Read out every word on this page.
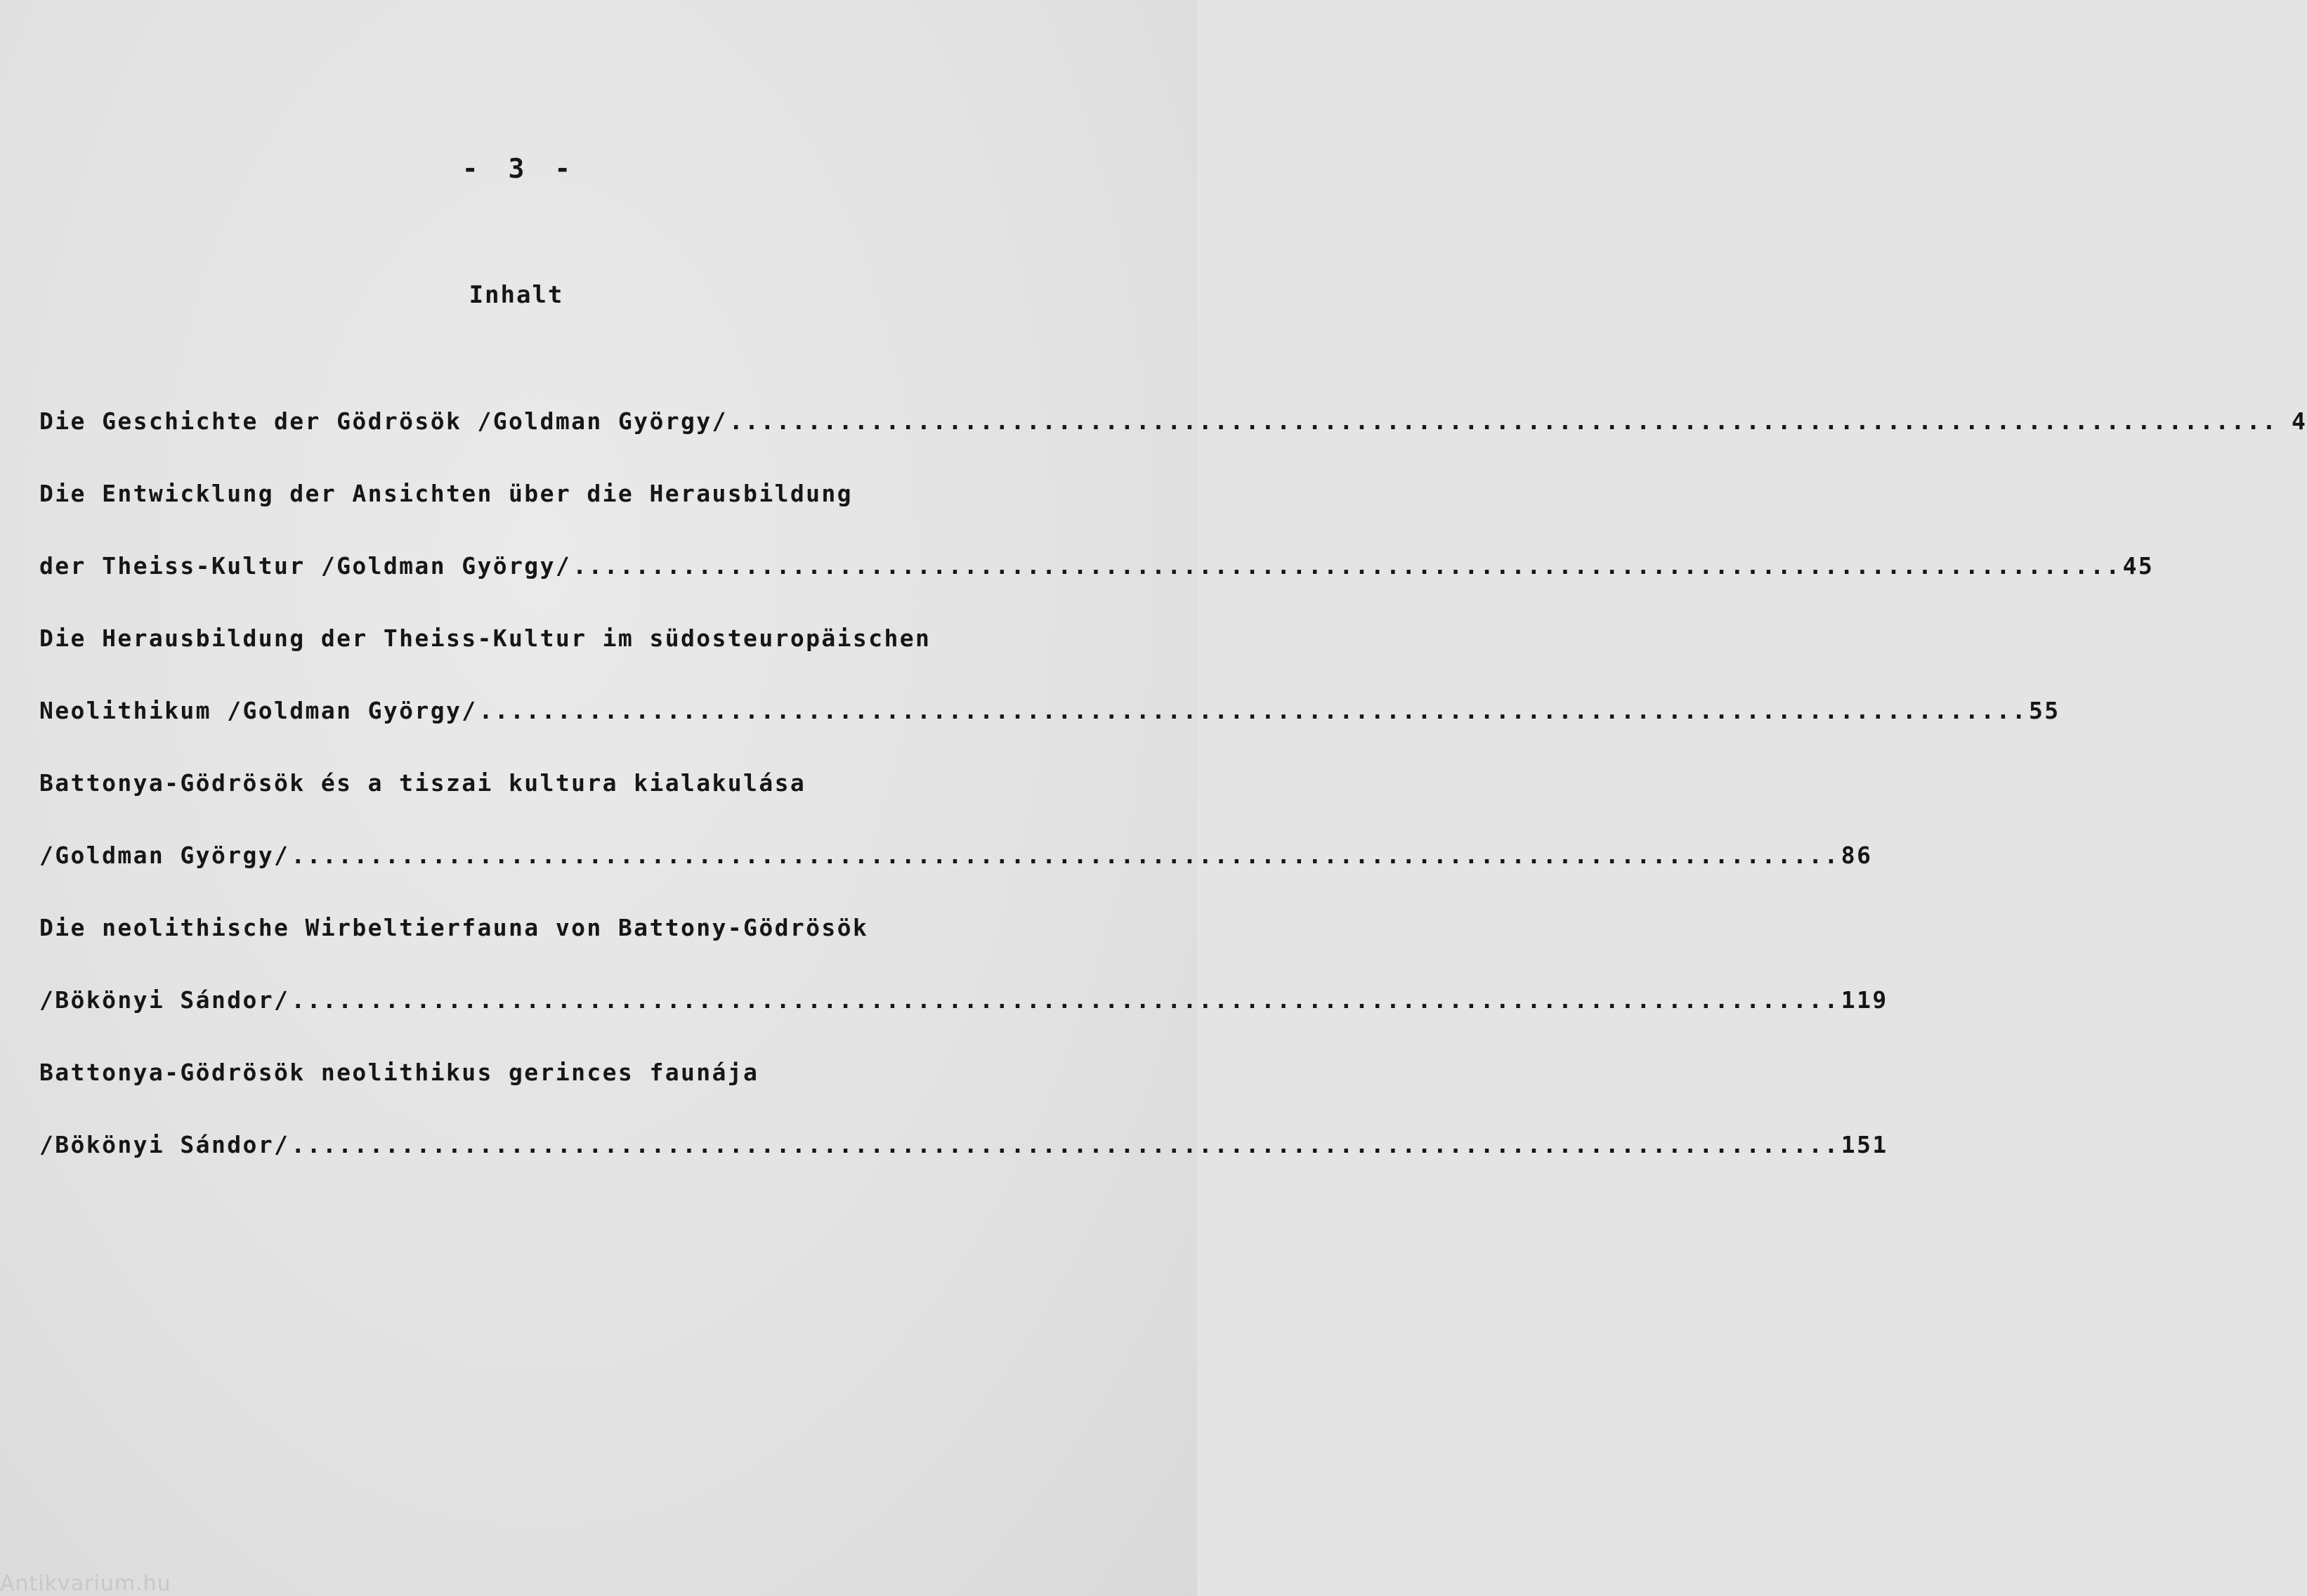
- 3 -
Inhalt
Die Geschichte der Gödrösök /Goldman György/ ................................................................................................... 4
Die Entwicklung der Ansichten über die Herausbildung
der Theiss-Kultur /Goldman György/ ................................................................................................... 45
Die Herausbildung der Theiss-Kultur im südosteuropäischen
Neolithikum /Goldman György/ ................................................................................................... 55
Battonya-Gödrösök és a tiszai kultura kialakulása
/Goldman György/ ................................................................................................... 86
Die neolithische Wirbeltierfauna von Battony-Gödrösök
/Bökönyi Sándor/ ................................................................................................... 119
Battonya-Gödrösök neolithikus gerinces faunája
/Bökönyi Sándor/ ................................................................................................... 151
Antikvarium.hu
